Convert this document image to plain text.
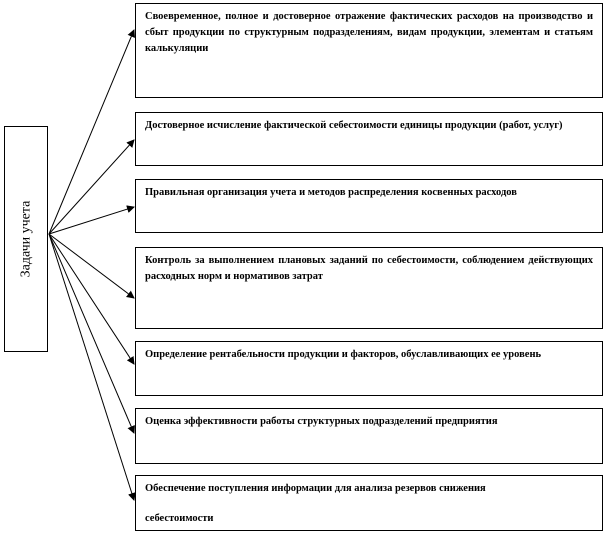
Задачи учета
Своевременное, полное и достоверное отражение фактических расходов на производство и сбыт продукции по структурным подразделениям, видам продукции, элементам и статьям калькуляции
Достоверное исчисление фактической себестоимости единицы продукции (работ, услуг)
Правильная организация учета и методов распределения косвенных расходов
Контроль за выполнением плановых заданий по себестоимости, соблюдением действующих расходных норм и нормативов затрат
Определение рентабельности продукции и факторов, обуславливающих ее уровень
Оценка эффективности работы структурных подразделений предприятия
Обеспечение поступления информации для анализа резервов снижения
себестоимости
